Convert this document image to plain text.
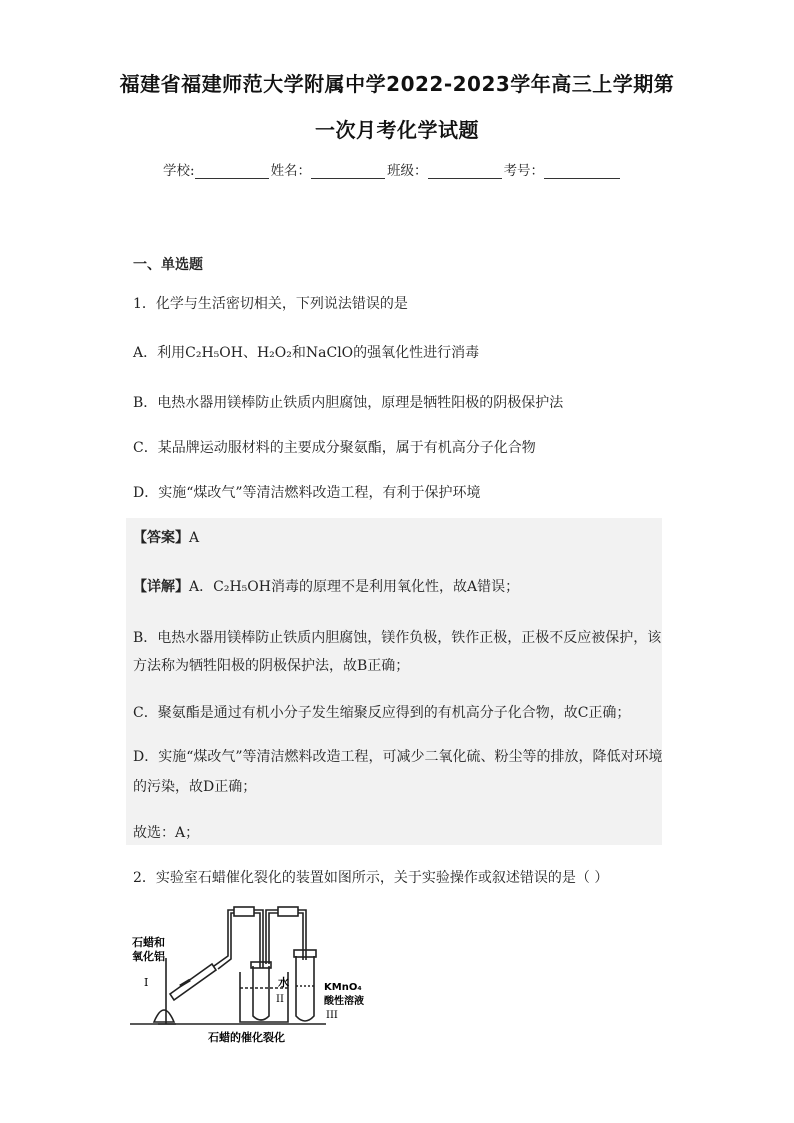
福建省福建师范大学附属中学2022-2023学年高三上学期第
一次月考化学试题
学校:	姓名：	班级：	考号：
一、单选题
1．化学与生活密切相关，下列说法错误的是
A．利用C₂H₅OH、H₂O₂和NaClO的强氧化性进行消毒
B．电热水器用镁棒防止铁质内胆腐蚀，原理是牺牲阳极的阴极保护法
C．某品牌运动服材料的主要成分聚氨酯，属于有机高分子化合物
D．实施“煤改气”等清洁燃料改造工程，有利于保护环境
【答案】A
【详解】A．C₂H₅OH消毒的原理不是利用氧化性，故A错误；
B．电热水器用镁棒防止铁质内胆腐蚀，镁作负极，铁作正极，正极不反应被保护，该
方法称为牺牲阳极的阴极保护法，故B正确；
C．聚氨酯是通过有机小分子发生缩聚反应得到的有机高分子化合物，故C正确；
D．实施“煤改气”等清洁燃料改造工程，可减少二氧化硫、粉尘等的排放，降低对环境
的污染，故D正确；
故选：A；
2．实验室石蜡催化裂化的装置如图所示，关于实验操作或叙述错误的是（ ）
石蜡和
氧化铝
I	水
II
KMnO₄
酸性溶液
III
石蜡的催化裂化
